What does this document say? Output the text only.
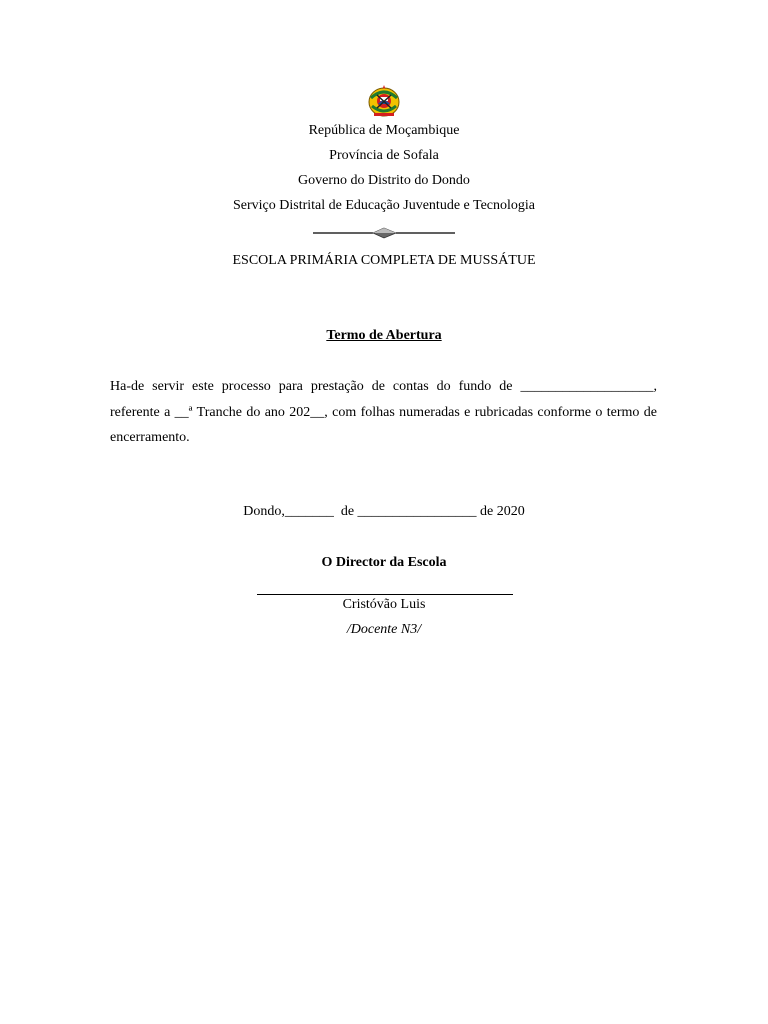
República de Moçambique
Província de Sofala
Governo do Distrito do Dondo
Serviço Distrital de Educação Juventude e Tecnologia
ESCOLA PRIMÁRIA COMPLETA DE MUSSÁTUE
Termo de Abertura
Ha-de servir este processo para prestação de contas do fundo de ___________________, referente a __ª Tranche do ano 202__, com folhas numeradas e rubricadas conforme o termo de encerramento.
Dondo,_______  de _________________ de 2020
O Director da Escola
Cristóvão Luis
/Docente N3/
